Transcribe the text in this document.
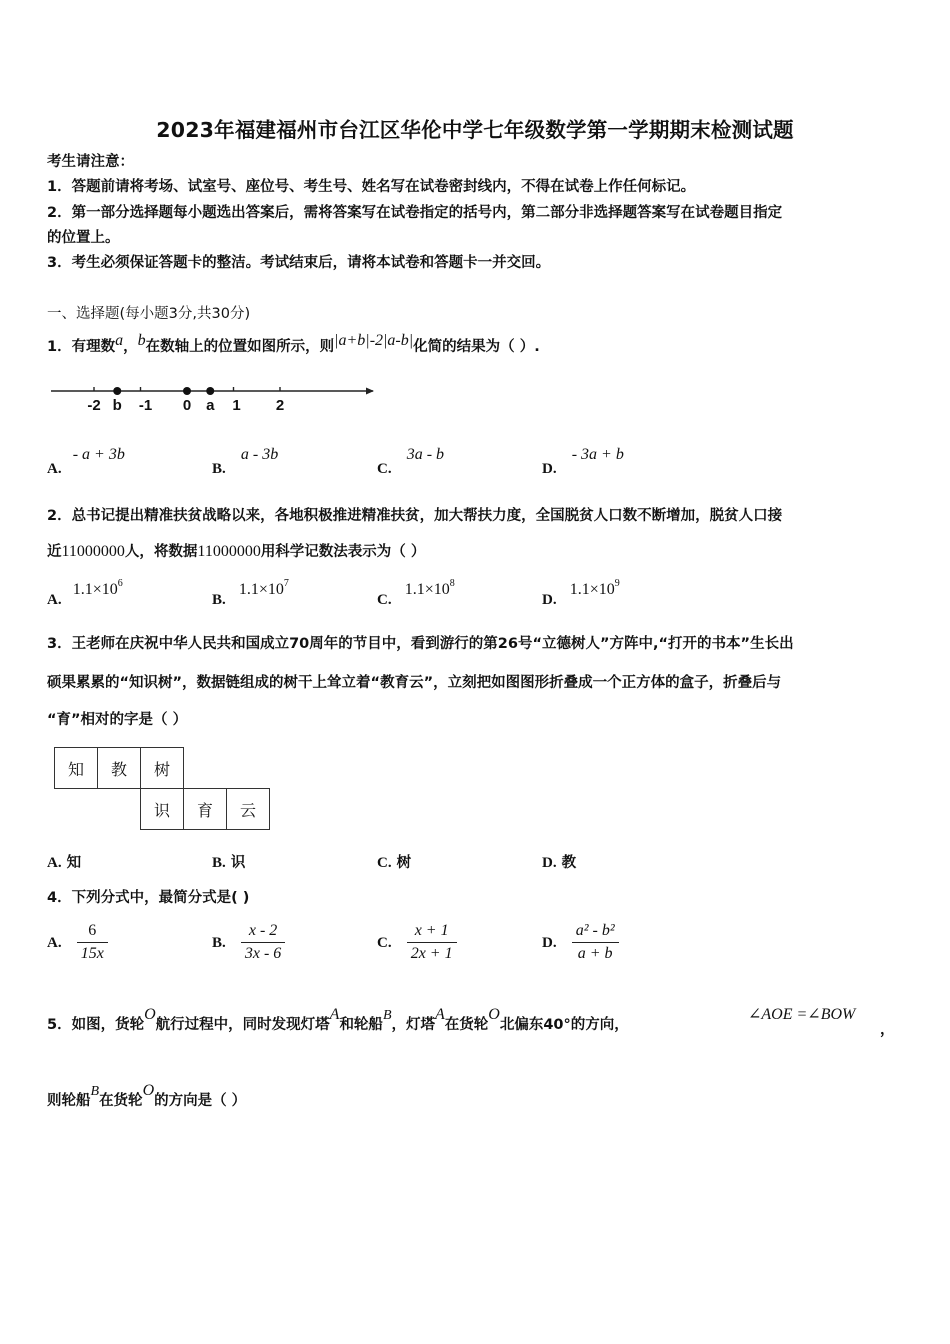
2023年福建福州市台江区华伦中学七年级数学第一学期期末检测试题
考生请注意：
1．答题前请将考场、试室号、座位号、考生号、姓名写在试卷密封线内，不得在试卷上作任何标记。
2．第一部分选择题每小题选出答案后，需将答案写在试卷指定的括号内，第二部分非选择题答案写在试卷题目指定
的位置上。
3．考生必须保证答题卡的整洁。考试结束后，请将本试卷和答题卡一并交回。
一、选择题(每小题3分,共30分)
1．有理数a，b在数轴上的位置如图所示，则|a+b|-2|a-b|化简的结果为（ ）.
-2 b -1 0 a 1 2
A. - a + 3b
B. a - 3b
C. 3a - b
D. - 3a + b
2．总书记提出精准扶贫战略以来，各地积极推进精准扶贫，加大帮扶力度，全国脱贫人口数不断增加，脱贫人口接
近11000000人，将数据11000000用科学记数法表示为（ ）
A. $1.1\times 10^6$
B. $1.1\times 10^7$
C. $1.1\times 10^8$
D. $1.1\times 10^9$
3．王老师在庆祝中华人民共和国成立70周年的节目中，看到游行的第26号“立德树人”方阵中,“打开的书本”生长出
硕果累累的“知识树”，数据链组成的树干上耸立着“教育云”，立刻把如图图形折叠成一个正方体的盒子，折叠后与
“育”相对的字是（ ）
知	教	树		
		识	育	云
A. 知	B. 识	C. 树	D. 教
4．下列分式中，最简分式是( )
A. $\frac{6}{15x}$	B. $\frac{x - 2}{3x - 6}$	C. $\frac{x + 1}{2x + 1}$	D. $\frac{\text{a² - b²}}{a + b}$
5．如图，货轮O航行过程中，同时发现灯塔A和轮船B，灯塔A在货轮O北偏东40°的方向，
∠AOE =∠BOW
，
则轮船B在货轮O的方向是（ ）
